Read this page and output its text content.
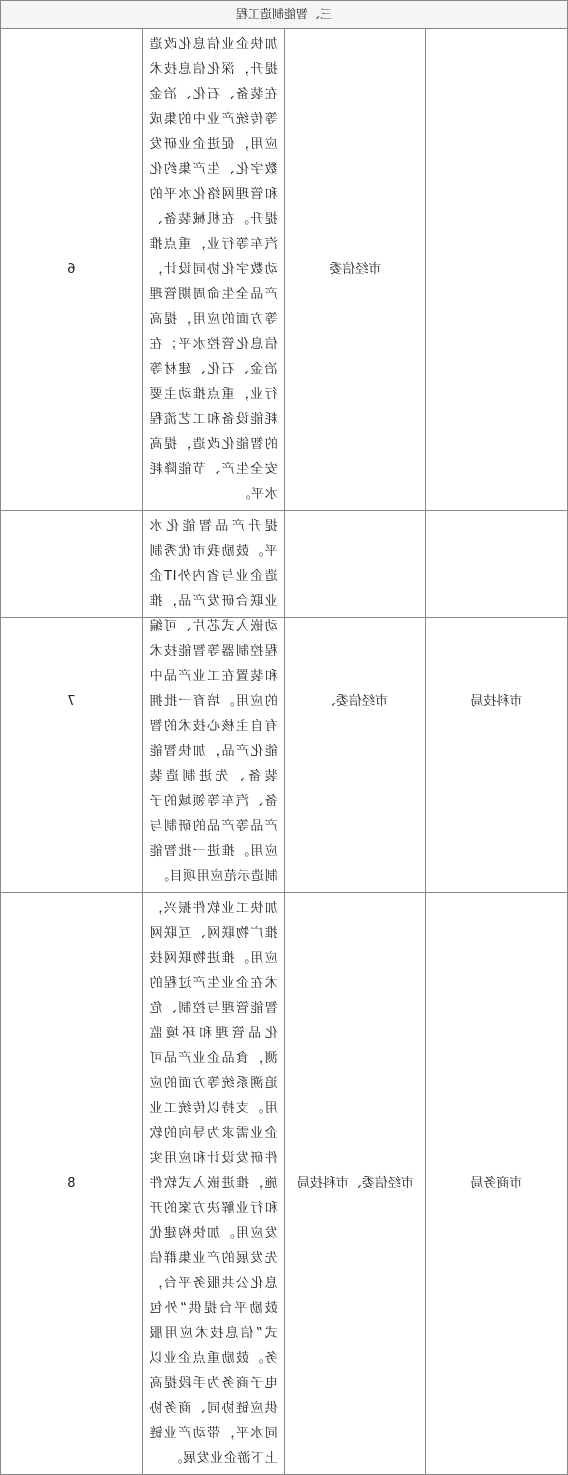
三、智能制造工程			

6	加快企业信息化改造提升，深化信息技术在装备、石化、冶金等传统产业中的集成应用，促进企业研发数字化、生产集约化和管理网络化水平的提升。在机械装备、汽车等行业，重点推动数字化协同设计，产品全生命周期管理等方面的应用，提高信息化管控水平；在冶金、石化、建材等行业，重点推动主要耗能设备和工艺流程的智能化改造，提高安全生产、节能降耗水平。	市经信委	

7	提升产品智能化水平。鼓励我市优秀制造企业与省内外IT企业联合研发产品，推动嵌入式芯片、可编程控制器等智能技术和装置在工业产品中的应用。培育一批拥有自主核心技术的智能化产品，加快智能装备、先进制造装备、汽车等领域的子产品等产品的研制与应用。推进一批智能制造示范应用项目。	市经信委、	市科技局

8	加快工业软件振兴，推广物联网、互联网应用。推进物联网技术在企业生产过程的智能管理与控制、危化品管理和环境监测，食品企业产品可追溯系统等方面的应用。支持以传统工业企业需求为导向的软件研发设计和应用实施，推进嵌入式软件和行业解决方案的开发应用。加快构建优先发展的产业集群信息化公共服务平台，鼓励平台提供“外包式”信息技术应用服务。鼓励重点企业以电子商务为手段提高供应链协同、商务协同水平，带动产业链上下游企业发展。	市经信委、市科技局	市商务局
